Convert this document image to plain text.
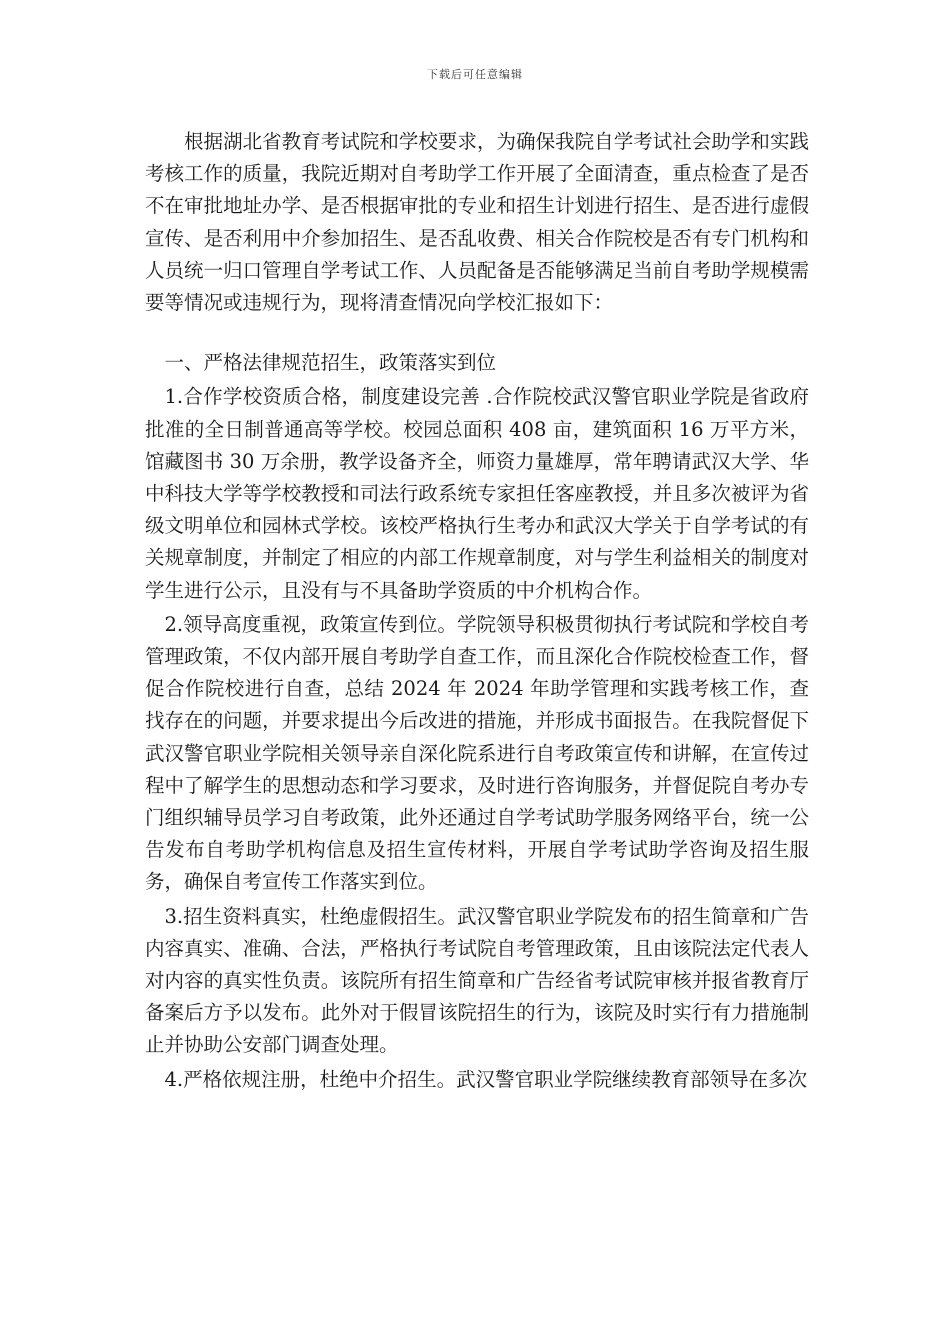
下载后可任意编辑

根据湖北省教育考试院和学校要求，为确保我院自学考试社会助学和实践考核工作的质量，我院近期对自考助学工作开展了全面清查，重点检查了是否不在审批地址办学、是否根据审批的专业和招生计划进行招生、是否进行虚假宣传、是否利用中介参加招生、是否乱收费、相关合作院校是否有专门机构和人员统一归口管理自学考试工作、人员配备是否能够满足当前自考助学规模需要等情况或违规行为，现将清查情况向学校汇报如下：

一、严格法律规范招生，政策落实到位

1.合作学校资质合格，制度建设完善 .合作院校武汉警官职业学院是省政府批准的全日制普通高等学校。校园总面积 408 亩，建筑面积 16 万平方米，馆藏图书 30 万余册，教学设备齐全，师资力量雄厚，常年聘请武汉大学、华中科技大学等学校教授和司法行政系统专家担任客座教授，并且多次被评为省级文明单位和园林式学校。该校严格执行生考办和武汉大学关于自学考试的有关规章制度，并制定了相应的内部工作规章制度，对与学生利益相关的制度对学生进行公示，且没有与不具备助学资质的中介机构合作。

2.领导高度重视，政策宣传到位。学院领导积极贯彻执行考试院和学校自考管理政策，不仅内部开展自考助学自查工作，而且深化合作院校检查工作，督促合作院校进行自查，总结 2024 年 2024 年助学管理和实践考核工作，查找存在的问题，并要求提出今后改进的措施，并形成书面报告。在我院督促下武汉警官职业学院相关领导亲自深化院系进行自考政策宣传和讲解，在宣传过程中了解学生的思想动态和学习要求，及时进行咨询服务，并督促院自考办专门组织辅导员学习自考政策，此外还通过自学考试助学服务网络平台，统一公告发布自考助学机构信息及招生宣传材料，开展自学考试助学咨询及招生服务，确保自考宣传工作落实到位。

3.招生资料真实，杜绝虚假招生。武汉警官职业学院发布的招生简章和广告内容真实、准确、合法，严格执行考试院自考管理政策，且由该院法定代表人对内容的真实性负责。该院所有招生简章和广告经省考试院审核并报省教育厅备案后方予以发布。此外对于假冒该院招生的行为，该院及时实行有力措施制止并协助公安部门调查处理。

4.严格依规注册，杜绝中介招生。武汉警官职业学院继续教育部领导在多次
